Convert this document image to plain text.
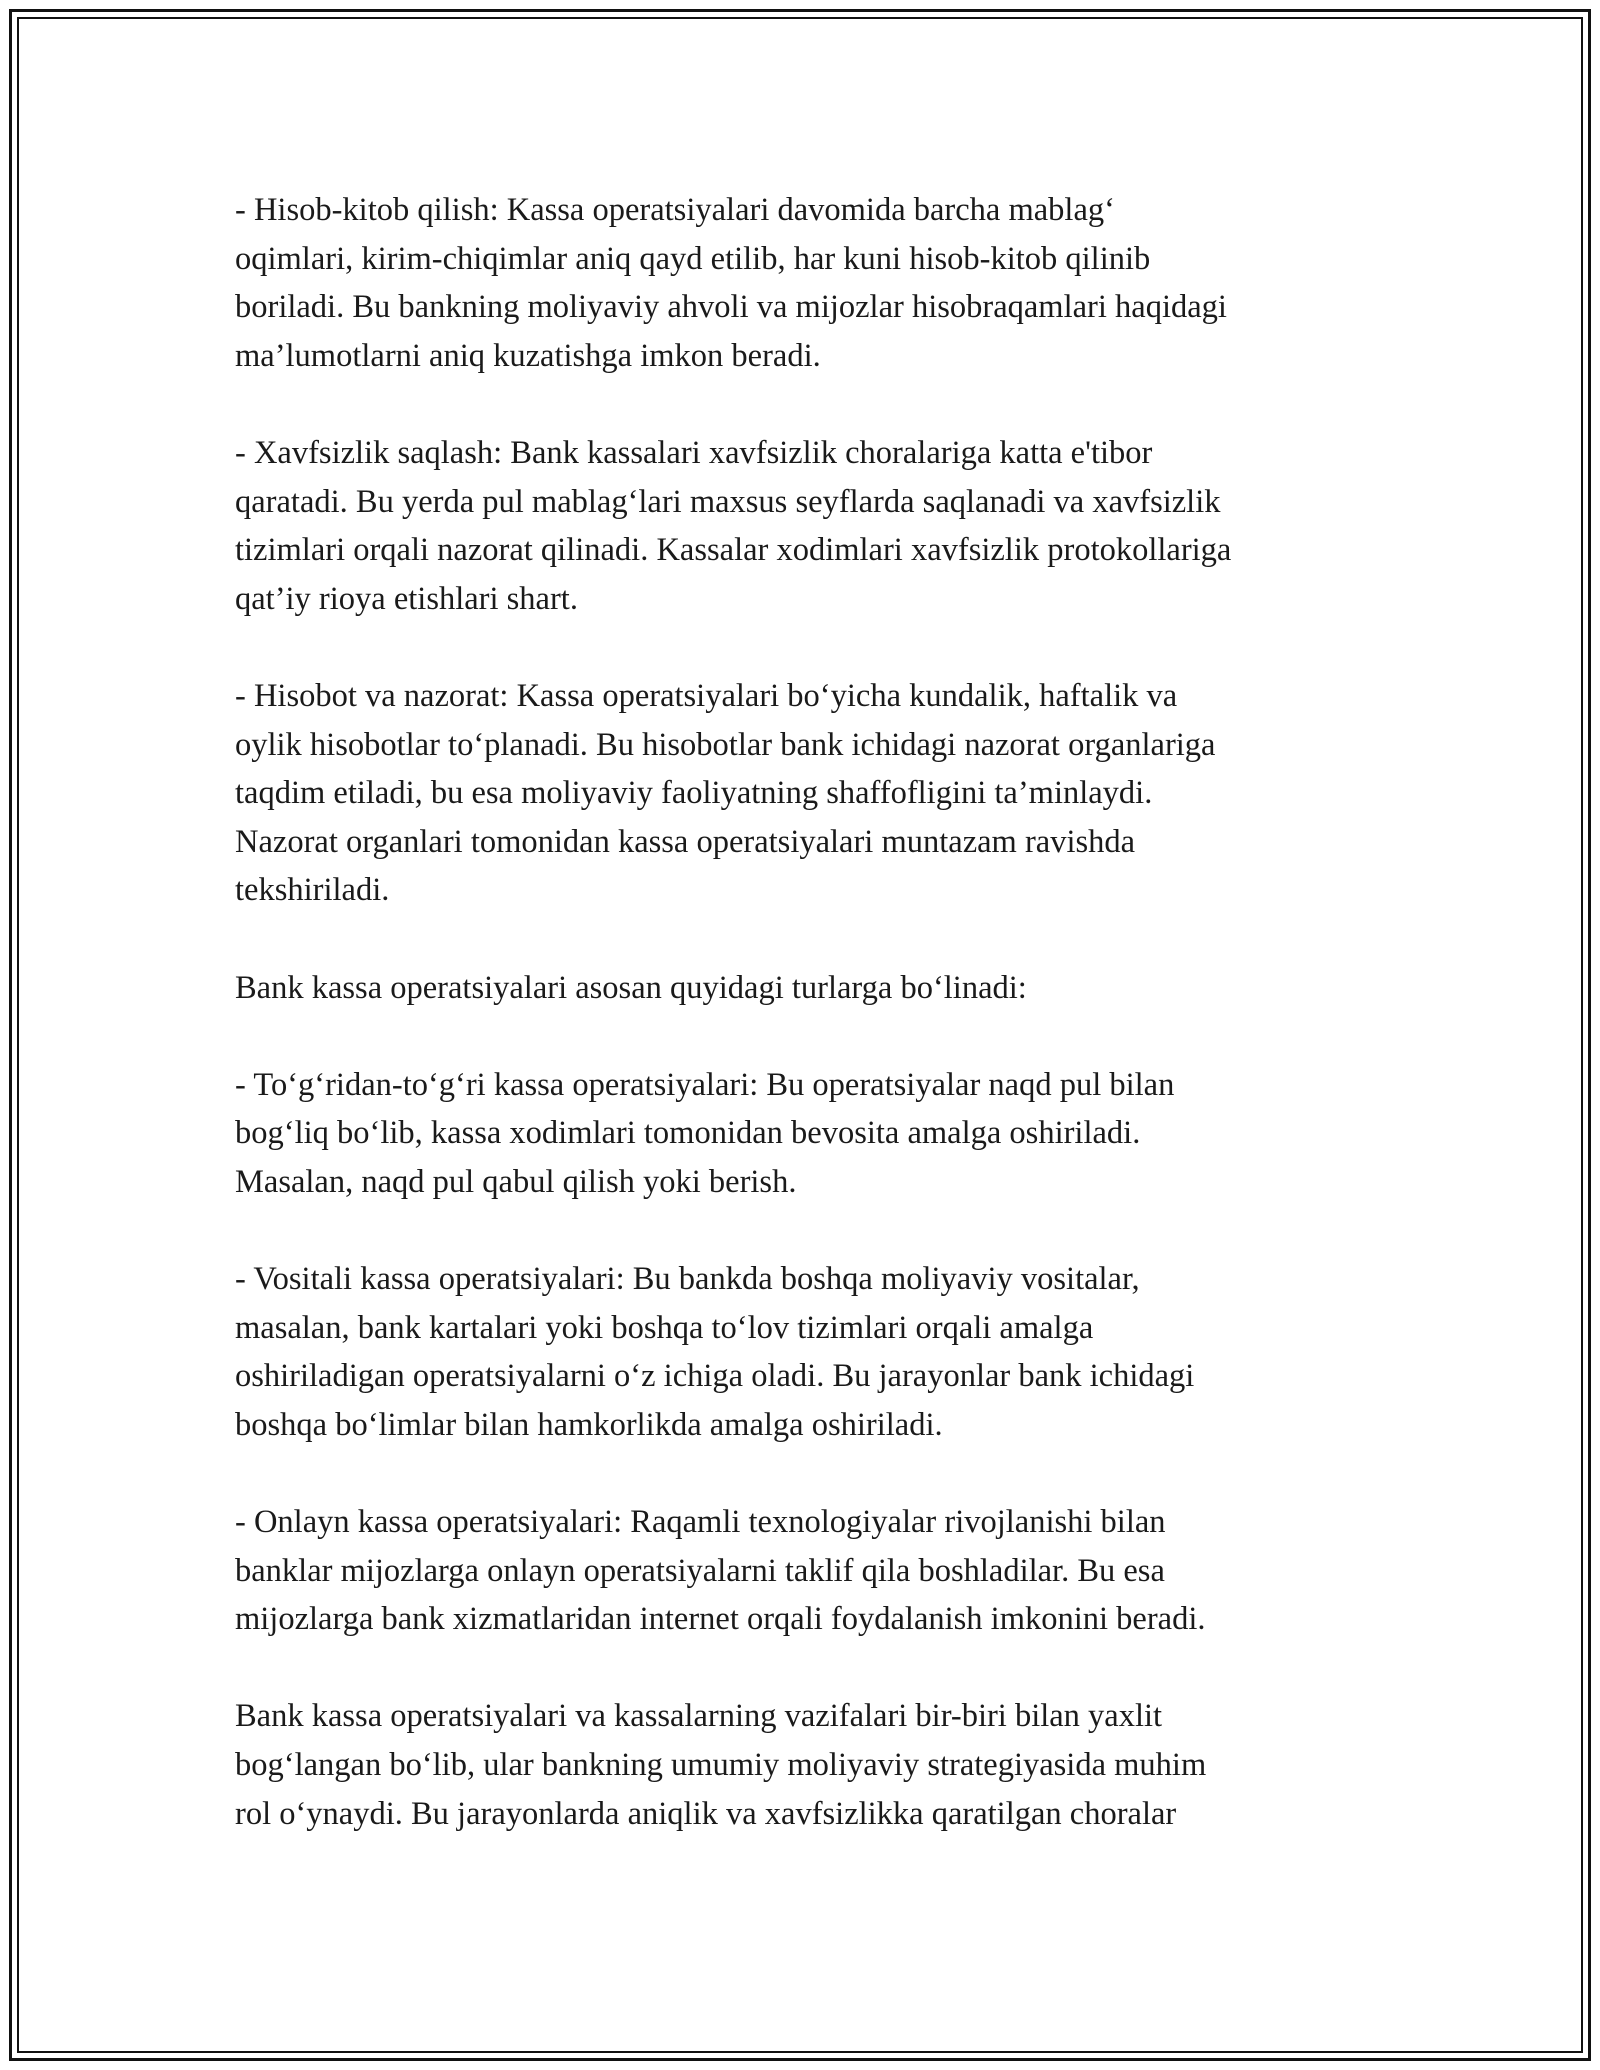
- Hisob-kitob qilish: Kassa operatsiyalari davomida barcha mablag‘
oqimlari, kirim-chiqimlar aniq qayd etilib, har kuni hisob-kitob qilinib
boriladi. Bu bankning moliyaviy ahvoli va mijozlar hisobraqamlari haqidagi
ma’lumotlarni aniq kuzatishga imkon beradi.

- Xavfsizlik saqlash: Bank kassalari xavfsizlik choralariga katta e'tibor
qaratadi. Bu yerda pul mablag‘lari maxsus seyflarda saqlanadi va xavfsizlik
tizimlari orqali nazorat qilinadi. Kassalar xodimlari xavfsizlik protokollariga
qat’iy rioya etishlari shart.

- Hisobot va nazorat: Kassa operatsiyalari bo‘yicha kundalik, haftalik va
oylik hisobotlar to‘planadi. Bu hisobotlar bank ichidagi nazorat organlariga
taqdim etiladi, bu esa moliyaviy faoliyatning shaffofligini ta’minlaydi.
Nazorat organlari tomonidan kassa operatsiyalari muntazam ravishda
tekshiriladi.

Bank kassa operatsiyalari asosan quyidagi turlarga bo‘linadi:

- To‘g‘ridan-to‘g‘ri kassa operatsiyalari: Bu operatsiyalar naqd pul bilan
bog‘liq bo‘lib, kassa xodimlari tomonidan bevosita amalga oshiriladi.
Masalan, naqd pul qabul qilish yoki berish.

- Vositali kassa operatsiyalari: Bu bankda boshqa moliyaviy vositalar,
masalan, bank kartalari yoki boshqa to‘lov tizimlari orqali amalga
oshiriladigan operatsiyalarni o‘z ichiga oladi. Bu jarayonlar bank ichidagi
boshqa bo‘limlar bilan hamkorlikda amalga oshiriladi.

- Onlayn kassa operatsiyalari: Raqamli texnologiyalar rivojlanishi bilan
banklar mijozlarga onlayn operatsiyalarni taklif qila boshladilar. Bu esa
mijozlarga bank xizmatlaridan internet orqali foydalanish imkonini beradi.

Bank kassa operatsiyalari va kassalarning vazifalari bir-biri bilan yaxlit
bog‘langan bo‘lib, ular bankning umumiy moliyaviy strategiyasida muhim
rol o‘ynaydi. Bu jarayonlarda aniqlik va xavfsizlikka qaratilgan choralar
